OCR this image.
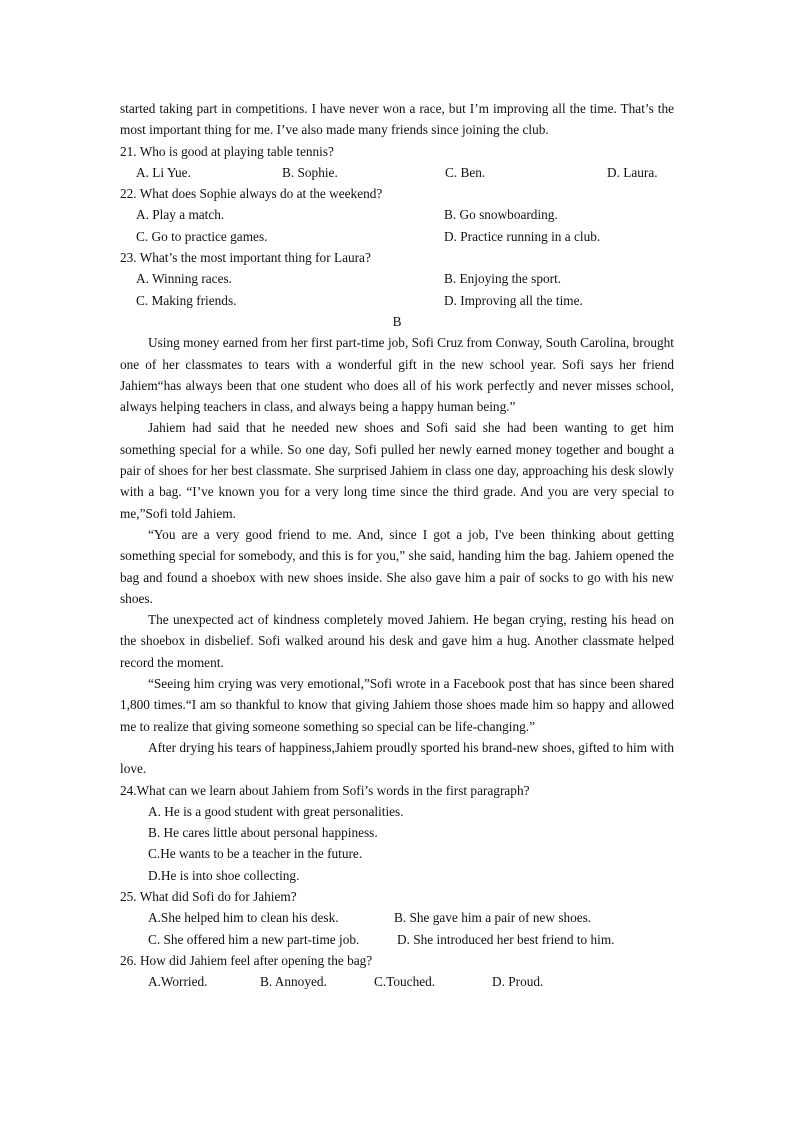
started taking part in competitions. I have never won a race, but I’m improving all the time. That’s the most important thing for me. I’ve also made many friends since joining the club.

21. Who is good at playing table tennis?

A. Li Yue.	B. Sophie.	C. Ben.	D. Laura.

22. What does Sophie always do at the weekend?

A. Play a match.	B. Go snowboarding.
C. Go to practice games.	D. Practice running in a club.

23. What’s the most important thing for Laura?

A. Winning races.	B. Enjoying the sport.
C. Making friends.	D. Improving all the time.

B

Using money earned from her first part-time job, Sofi Cruz from Conway, South Carolina, brought one of her classmates to tears with a wonderful gift in the new school year. Sofi says her friend Jahiem“has always been that one student who does all of his work perfectly and never misses school, always helping teachers in class, and always being a happy human being.”

Jahiem had said that he needed new shoes and Sofi said she had been wanting to get him something special for a while. So one day, Sofi pulled her newly earned money together and bought a pair of shoes for her best classmate. She surprised Jahiem in class one day, approaching his desk slowly with a bag. “I’ve known you for a very long time since the third grade. And you are very special to me,”Sofi told Jahiem.

“You are a very good friend to me. And, since I got a job, I've been thinking about getting something special for somebody, and this is for you,” she said, handing him the bag. Jahiem opened the bag and found a shoebox with new shoes inside. She also gave him a pair of socks to go with his new shoes.

The unexpected act of kindness completely moved Jahiem. He began crying, resting his head on the shoebox in disbelief. Sofi walked around his desk and gave him a hug. Another classmate helped record the moment.

“Seeing him crying was very emotional,”Sofi wrote in a Facebook post that has since been shared 1,800 times.“I am so thankful to know that giving Jahiem those shoes made him so happy and allowed me to realize that giving someone something so special can be life-changing.”

After drying his tears of happiness,Jahiem proudly sported his brand-new shoes, gifted to him with love.

24.What can we learn about Jahiem from Sofi’s words in the first paragraph?

A. He is a good student with great personalities.

B. He cares little about personal happiness.

C.He wants to be a teacher in the future.

D.He is into shoe collecting.

25. What did Sofi do for Jahiem?

A.She helped him to clean his desk.	B. She gave him a pair of new shoes.
C. She offered him a new part-time job.	D. She introduced her best friend to him.

26. How did Jahiem feel after opening the bag?

A.Worried.	B. Annoyed.	C.Touched.	D. Proud.
